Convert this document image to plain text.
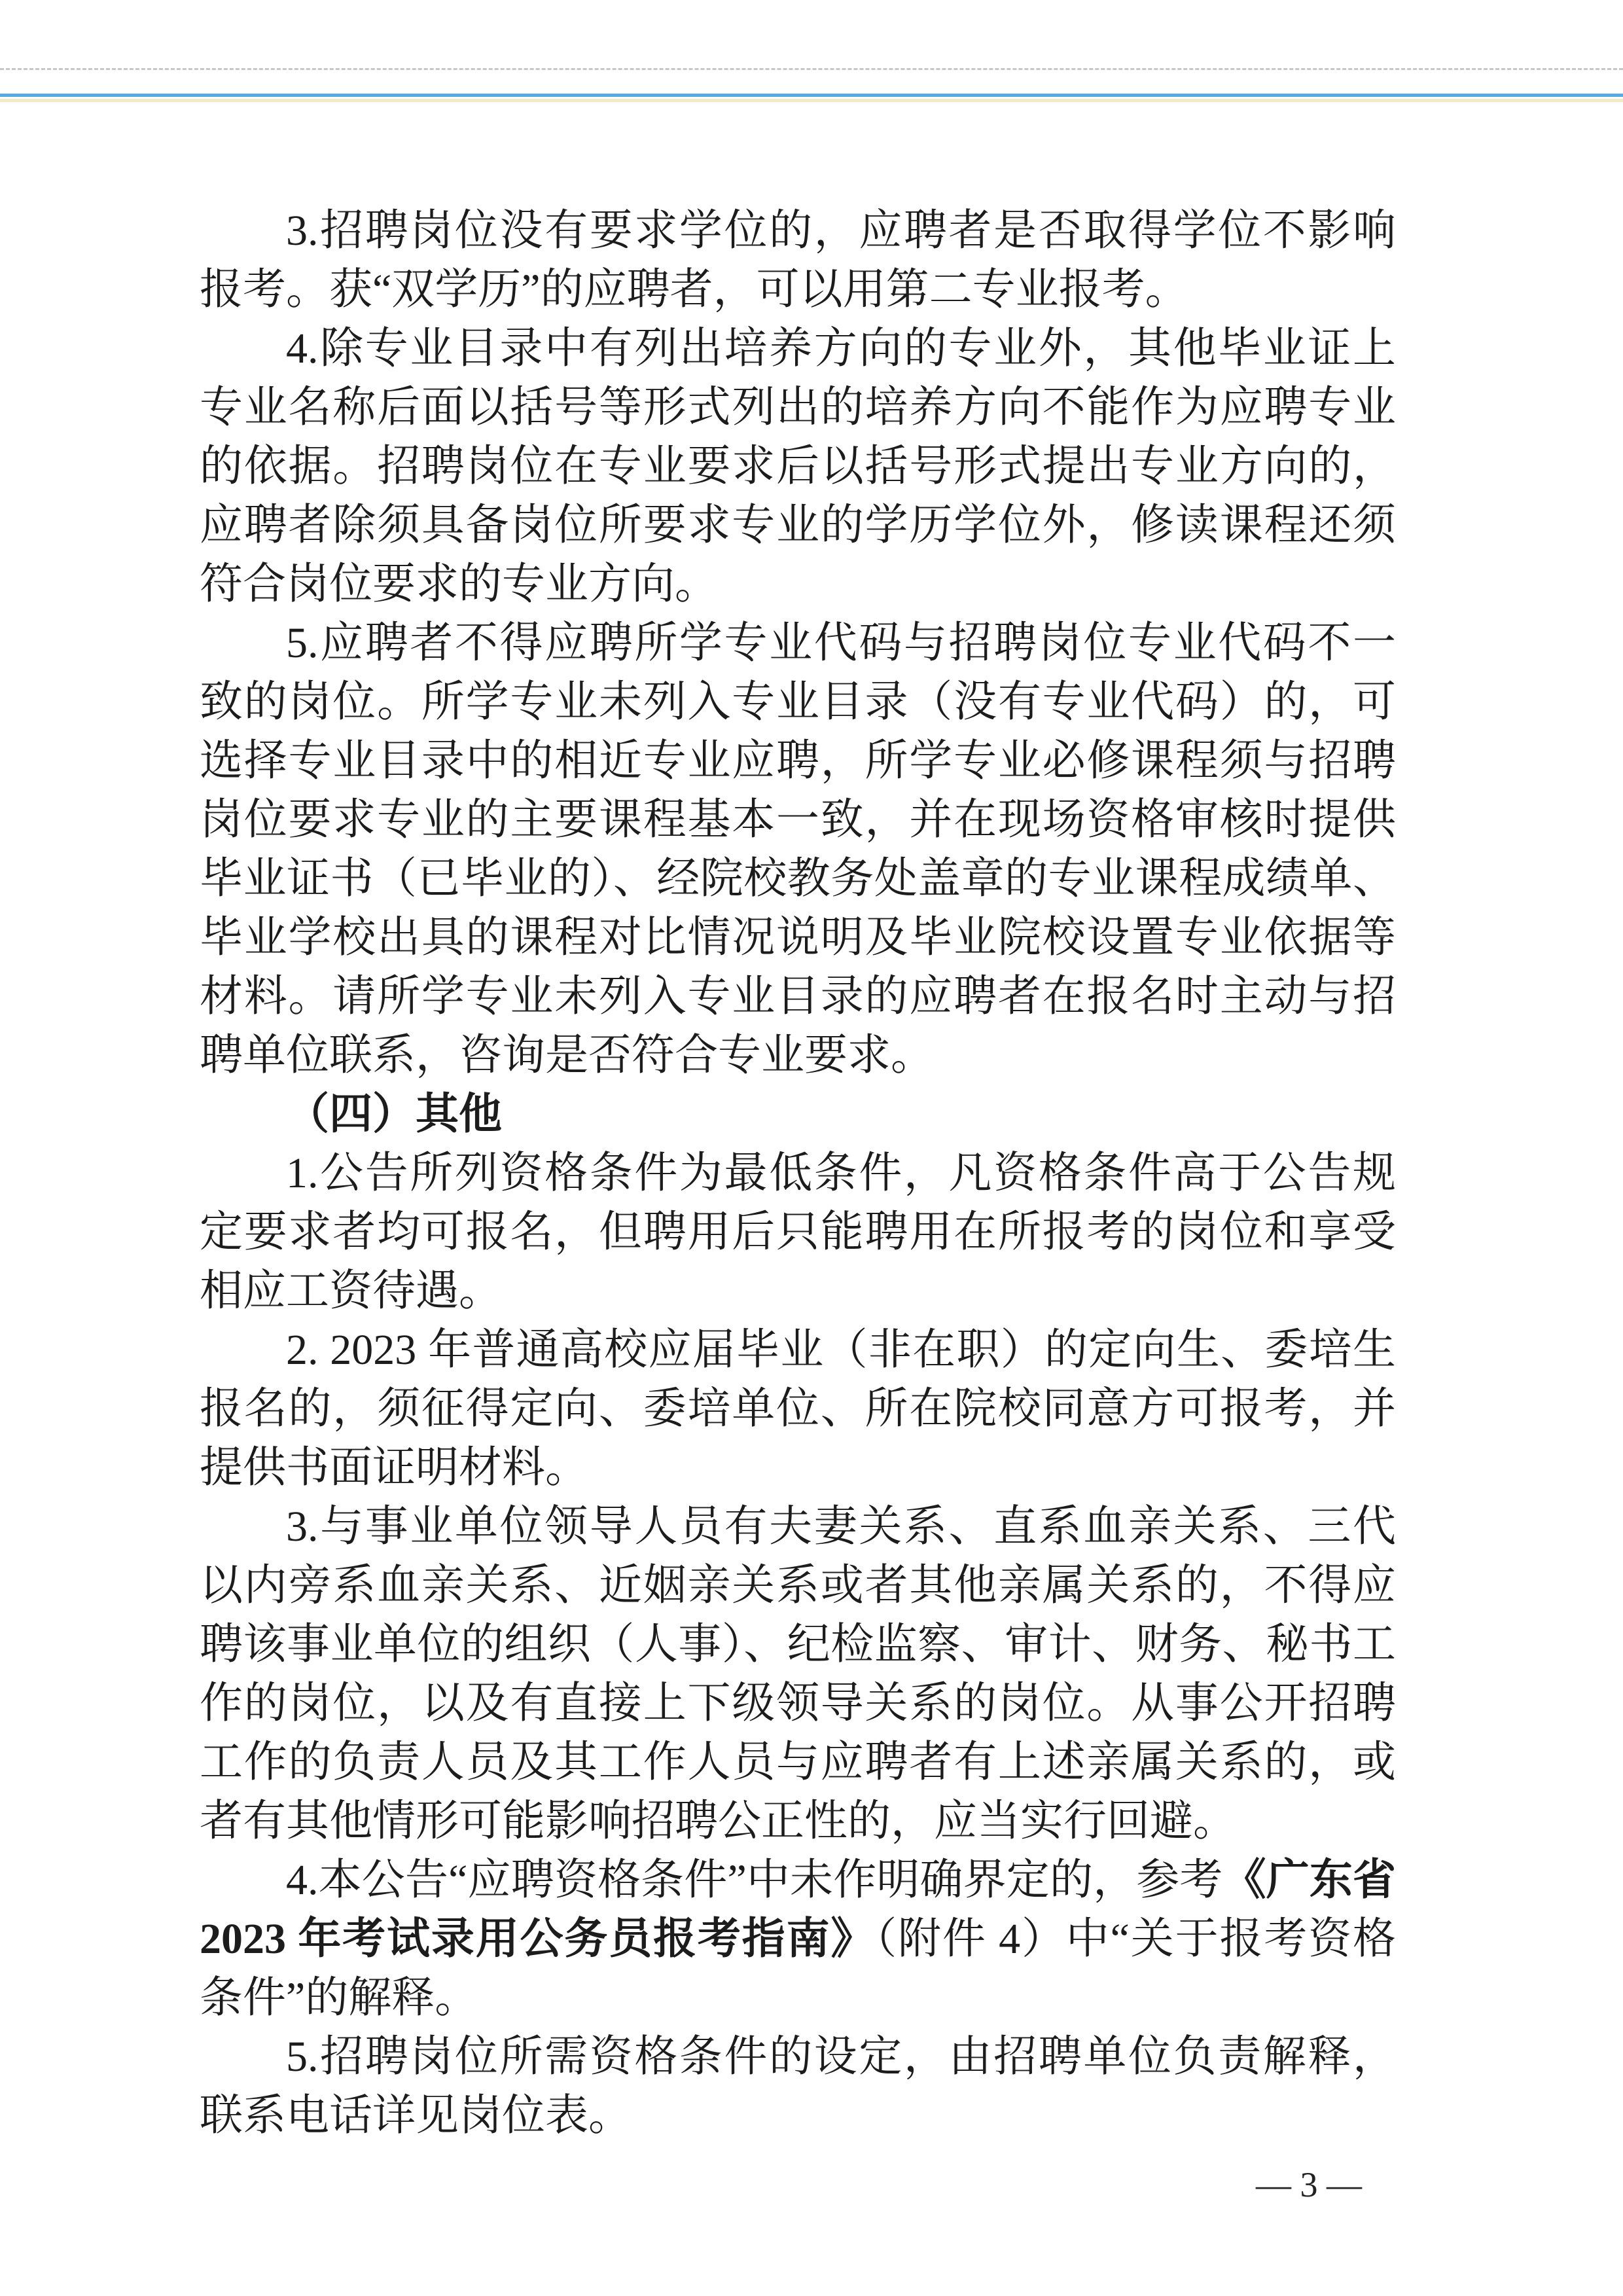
3.招聘岗位没有要求学位的，应聘者是否取得学位不影响报考。获“双学历”的应聘者，可以用第二专业报考。

4.除专业目录中有列出培养方向的专业外，其他毕业证上专业名称后面以括号等形式列出的培养方向不能作为应聘专业的依据。招聘岗位在专业要求后以括号形式提出专业方向的，应聘者除须具备岗位所要求专业的学历学位外，修读课程还须符合岗位要求的专业方向。

5.应聘者不得应聘所学专业代码与招聘岗位专业代码不一致的岗位。所学专业未列入专业目录（没有专业代码）的，可选择专业目录中的相近专业应聘，所学专业必修课程须与招聘岗位要求专业的主要课程基本一致，并在现场资格审核时提供毕业证书（已毕业的）、经院校教务处盖章的专业课程成绩单、毕业学校出具的课程对比情况说明及毕业院校设置专业依据等材料。请所学专业未列入专业目录的应聘者在报名时主动与招聘单位联系，咨询是否符合专业要求。

（四）其他

1.公告所列资格条件为最低条件，凡资格条件高于公告规定要求者均可报名，但聘用后只能聘用在所报考的岗位和享受相应工资待遇。

2. 2023 年普通高校应届毕业（非在职）的定向生、委培生报名的，须征得定向、委培单位、所在院校同意方可报考，并提供书面证明材料。

3.与事业单位领导人员有夫妻关系、直系血亲关系、三代以内旁系血亲关系、近姻亲关系或者其他亲属关系的，不得应聘该事业单位的组织（人事）、纪检监察、审计、财务、秘书工作的岗位，以及有直接上下级领导关系的岗位。从事公开招聘工作的负责人员及其工作人员与应聘者有上述亲属关系的，或者有其他情形可能影响招聘公正性的，应当实行回避。

4.本公告“应聘资格条件”中未作明确界定的，参考《广东省 2023 年考试录用公务员报考指南》（附件 4）中“关于报考资格条件”的解释。

5.招聘岗位所需资格条件的设定，由招聘单位负责解释，联系电话详见岗位表。

— 3 —
